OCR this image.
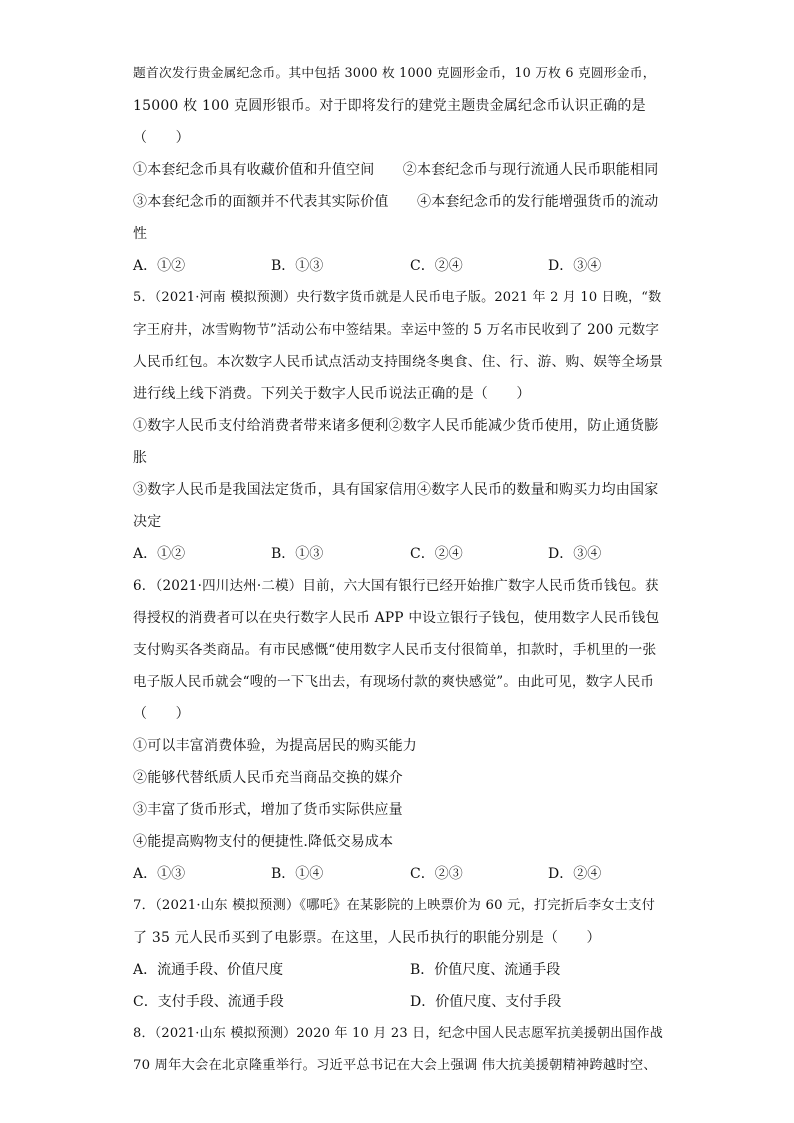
题首次发行贵金属纪念币。其中包括 3000 枚 1000 克圆形金币，10 万枚 6 克圆形金币，
15000 枚 100 克圆形银币。对于即将发行的建党主题贵金属纪念币认识正确的是
（　　）
①本套纪念币具有收藏价值和升值空间　　②本套纪念币与现行流通人民币职能相同
③本套纪念币的面额并不代表其实际价值　　④本套纪念币的发行能增强货币的流动
性
A．①②	B．①③	C．②④	D．③④
5．（2021·河南 模拟预测）央行数字货币就是人民币电子版。2021 年 2 月 10 日晚，“数
字王府井，冰雪购物节”活动公布中签结果。幸运中签的 5 万名市民收到了 200 元数字
人民币红包。本次数字人民币试点活动支持围绕冬奥食、住、行、游、购、娱等全场景
进行线上线下消费。下列关于数字人民币说法正确的是（　　）
①数字人民币支付给消费者带来诸多便利②数字人民币能减少货币使用，防止通货膨
胀
③数字人民币是我国法定货币，具有国家信用④数字人民币的数量和购买力均由国家
决定
A．①②	B．①③	C．②④	D．③④
6．（2021·四川达州·二模）目前，六大国有银行已经开始推广数字人民币货币钱包。获
得授权的消费者可以在央行数字人民币 APP 中设立银行子钱包，使用数字人民币钱包
支付购买各类商品。有市民感慨“使用数字人民币支付很简单，扣款时，手机里的一张
电子版人民币就会“嗖的一下飞出去，有现场付款的爽快感觉”。由此可见，数字人民币
（　　）
①可以丰富消费体验，为提高居民的购买能力
②能够代替纸质人民币充当商品交换的媒介
③丰富了货币形式，增加了货币实际供应量
④能提高购物支付的便捷性.降低交易成本
A．①③	B．①④	C．②③	D．②④
7．（2021·山东 模拟预测）《哪吒》在某影院的上映票价为 60 元，打完折后李女士支付
了 35 元人民币买到了电影票。在这里，人民币执行的职能分别是（　　）
A．流通手段、价值尺度	B．价值尺度、流通手段
C．支付手段、流通手段	D．价值尺度、支付手段
8．（2021·山东 模拟预测）2020 年 10 月 23 日，纪念中国人民志愿军抗美援朝出国作战
70 周年大会在北京隆重举行。习近平总书记在大会上强调 伟大抗美援朝精神跨越时空、
